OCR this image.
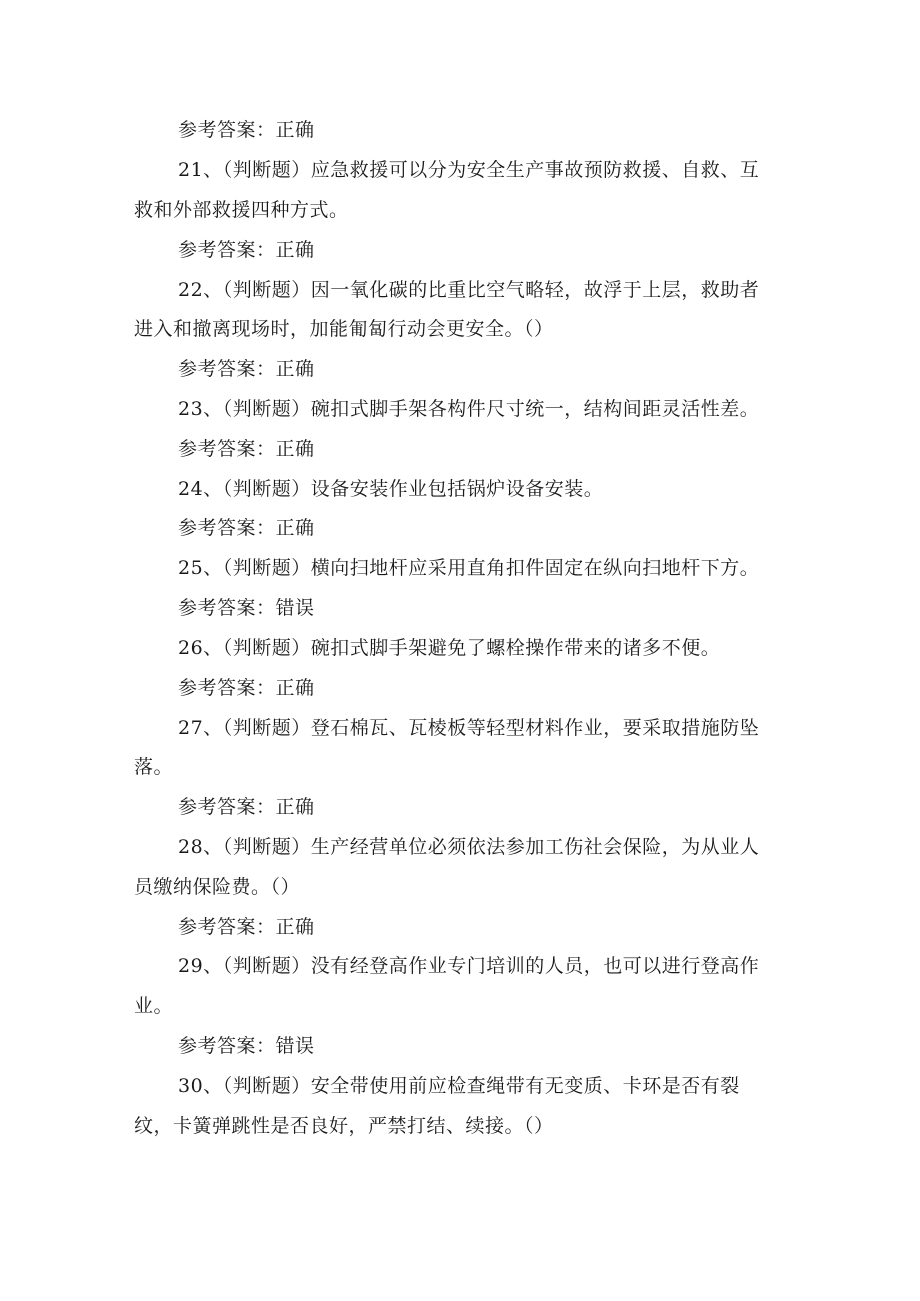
参考答案：正确
21、（判断题）应急救援可以分为安全生产事故预防救援、自救、互
救和外部救援四种方式。
参考答案：正确
22、（判断题）因一氧化碳的比重比空气略轻，故浮于上层，救助者
进入和撤离现场时，加能匍匐行动会更安全。（）
参考答案：正确
23、（判断题）碗扣式脚手架各构件尺寸统一，结构间距灵活性差。
参考答案：正确
24、（判断题）设备安装作业包括锅炉设备安装。
参考答案：正确
25、（判断题）横向扫地杆应采用直角扣件固定在纵向扫地杆下方。
参考答案：错误
26、（判断题）碗扣式脚手架避免了螺栓操作带来的诸多不便。
参考答案：正确
27、（判断题）登石棉瓦、瓦棱板等轻型材料作业，要采取措施防坠
落。
参考答案：正确
28、（判断题）生产经营单位必须依法参加工伤社会保险，为从业人
员缴纳保险费。（）
参考答案：正确
29、（判断题）没有经登高作业专门培训的人员，也可以进行登高作
业。
参考答案：错误
30、（判断题）安全带使用前应检查绳带有无变质、卡环是否有裂
纹，卡簧弹跳性是否良好，严禁打结、续接。（）
